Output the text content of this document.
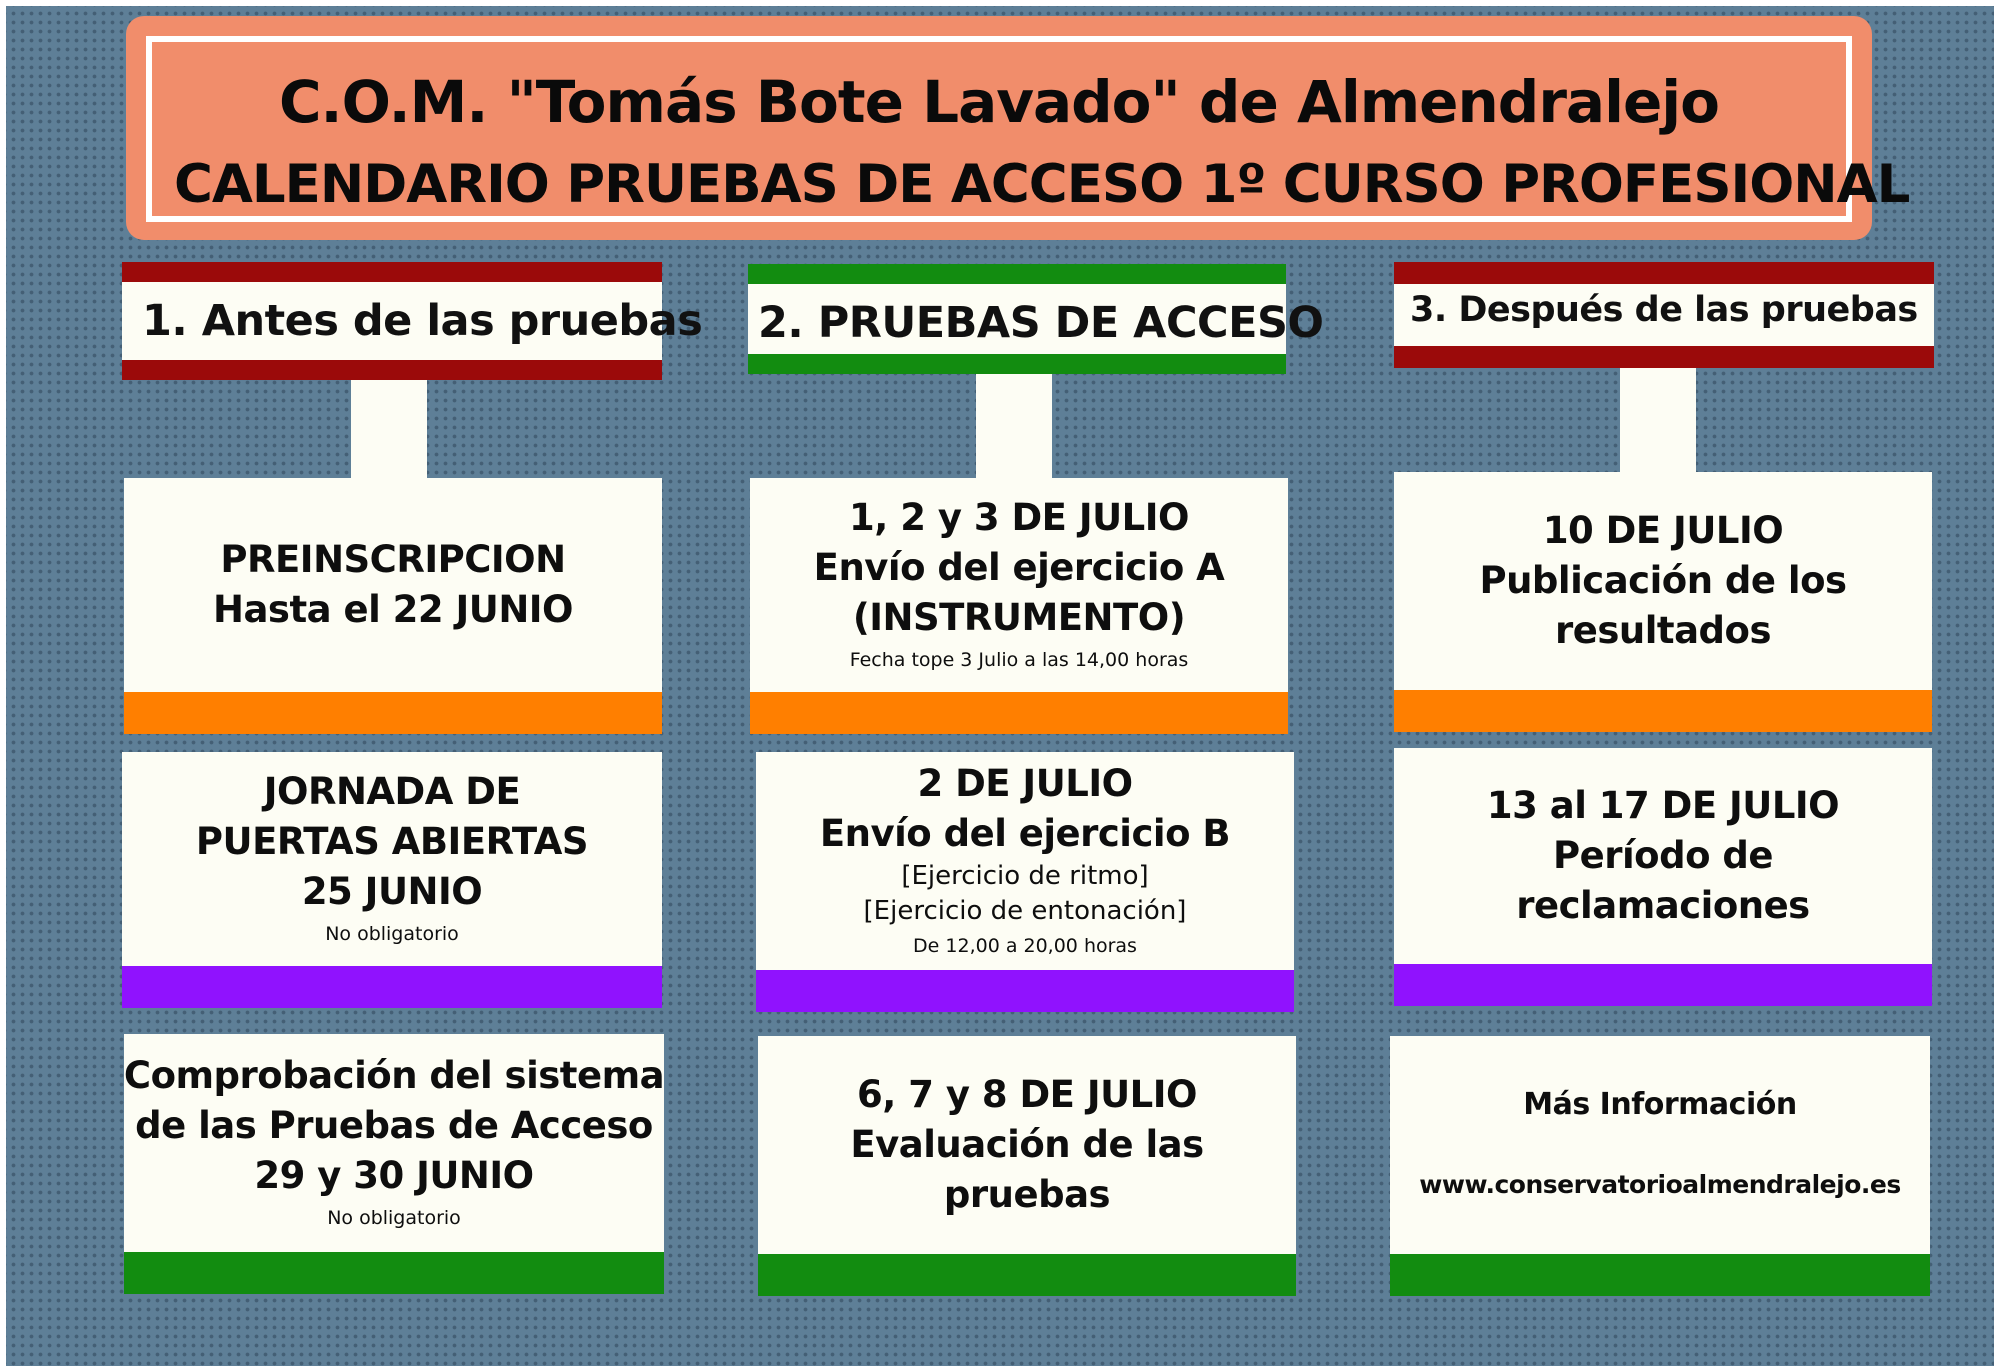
C.O.M. "Tomás Bote Lavado" de Almendralejo
CALENDARIO PRUEBAS DE ACCESO 1º CURSO PROFESIONAL
1. Antes de las pruebas 2. PRUEBAS DE ACCESO 3. Después de las pruebas
PREINSCRIPCION
Hasta el 22 JUNIO
JORNADA DE
PUERTAS ABIERTAS
25 JUNIO
No obligatorio
Comprobación del sistema
de las Pruebas de Acceso
29 y 30 JUNIO
No obligatorio
1, 2 y 3 DE JULIO
Envío del ejercicio A
(INSTRUMENTO)
Fecha tope 3 Julio a las 14,00 horas
2 DE JULIO
Envío del ejercicio B
[Ejercicio de ritmo]
[Ejercicio de entonación]
De 12,00 a 20,00 horas
6, 7 y 8 DE JULIO
Evaluación de las
pruebas
10 DE JULIO
Publicación de los
resultados
13 al 17 DE JULIO
Período de
reclamaciones
Más Información
www.conservatorioalmendralejo.es
